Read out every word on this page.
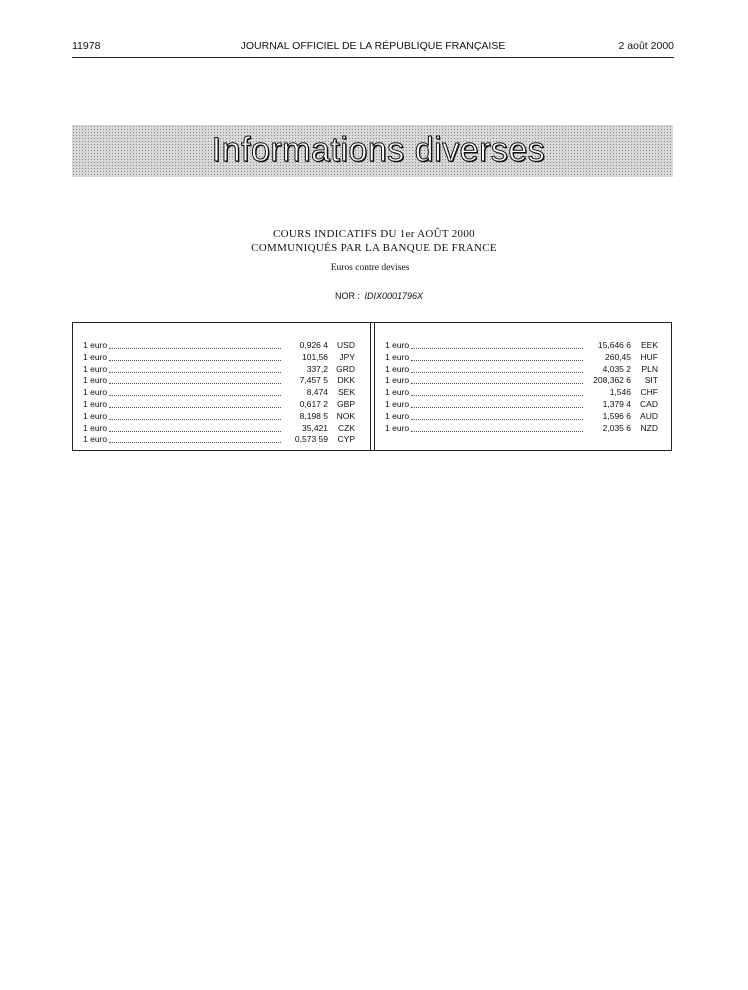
11978	JOURNAL OFFICIEL DE LA RÉPUBLIQUE FRANÇAISE	2 août 2000
Informations diverses
COURS INDICATIFS DU 1er AOÛT 2000
COMMUNIQUÉS PAR LA BANQUE DE FRANCE
Euros contre devises
NOR : IDIX0001796X
1 euro	0,926 4	USD
1 euro	101,56	JPY
1 euro	337,2 GRD
1 euro	7,457 5	DKK
1 euro	8,474	SEK
1 euro	0,617 2	GBP
1 euro	8,198 5	NOK
1 euro	35,421	CZK
1 euro	0,573 59	CYP
1 euro	15,646 6	EEK
1 euro	260,45	HUF
1 euro	4,035 2	PLN
1 euro	208,362 6	SIT
1 euro	1,546	CHF
1 euro	1,379 4	CAD
1 euro	1,596 6	AUD
1 euro	2,035 6	NZD
